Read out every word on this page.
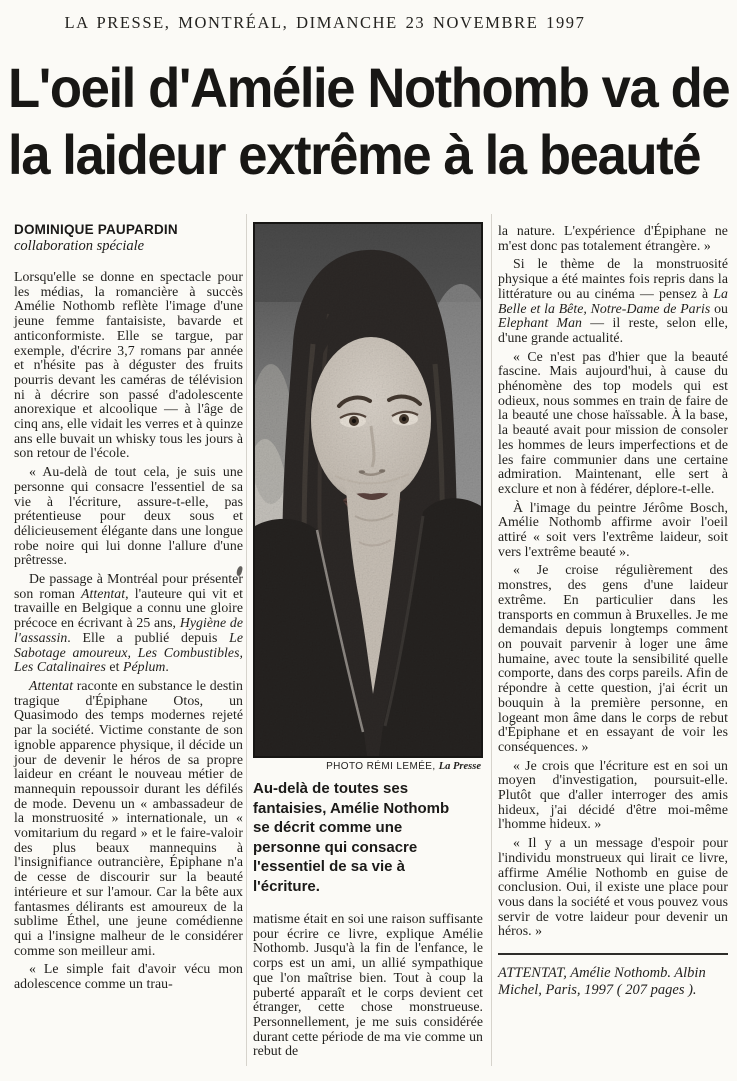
LA PRESSE, MONTRÉAL, DIMANCHE 23 NOVEMBRE 1997
L'oeil d'Amélie Nothomb va de
la laideur extrême à la beauté
DOMINIQUE PAUPARDIN
collaboration spéciale

Lorsqu'elle se donne en spectacle pour les médias, la romancière à succès Amélie Nothomb reflète l'image d'une jeune femme fantaisiste, bavarde et anticonformiste. Elle se targue, par exemple, d'écrire 3,7 romans par année et n'hésite pas à déguster des fruits pourris devant les caméras de télévision ni à décrire son passé d'adolescente anorexique et alcoolique — à l'âge de cinq ans, elle vidait les verres et à quinze ans elle buvait un whisky tous les jours à son retour de l'école.

« Au-delà de tout cela, je suis une personne qui consacre l'essentiel de sa vie à l'écriture, assure-t-elle, pas prétentieuse pour deux sous et délicieusement élégante dans une longue robe noire qui lui donne l'allure d'une prêtresse.

De passage à Montréal pour présenter son roman Attentat, l'auteure qui vit et travaille en Belgique a connu une gloire précoce en écrivant à 25 ans, Hygiène de l'assassin. Elle a publié depuis Le Sabotage amoureux, Les Combustibles, Les Catalinaires et Péplum.

Attentat raconte en substance le destin tragique d'Épiphane Otos, un Quasimodo des temps modernes rejeté par la société. Victime constante de son ignoble apparence physique, il décide un jour de devenir le héros de sa propre laideur en créant le nouveau métier de mannequin repoussoir durant les défilés de mode. Devenu un « ambassadeur de la monstruosité » internationale, un « vomitarium du regard » et le faire-valoir des plus beaux mannequins à l'insignifiance outrancière, Épiphane n'a de cesse de discourir sur la beauté intérieure et sur l'amour. Car la bête aux fantasmes délirants est amoureux de la sublime Éthel, une jeune comédienne qui a l'insigne malheur de le considérer comme son meilleur ami.

« Le simple fait d'avoir vécu mon adolescence comme un trau-

PHOTO RÉMI LEMÉE, La Presse
Au-delà de toutes ses fantaisies, Amélie Nothomb se décrit comme une personne qui consacre l'essentiel de sa vie à l'écriture.

matisme était en soi une raison suffisante pour écrire ce livre, explique Amélie Nothomb. Jusqu'à la fin de l'enfance, le corps est un ami, un allié sympathique que l'on maîtrise bien. Tout à coup la puberté apparaît et le corps devient cet étranger, cette chose monstrueuse. Personnellement, je me suis considérée durant cette période de ma vie comme un rebut de

la nature. L'expérience d'Épiphane ne m'est donc pas totalement étrangère. »

Si le thème de la monstruosité physique a été maintes fois repris dans la littérature ou au cinéma — pensez à La Belle et la Bête, Notre-Dame de Paris ou Elephant Man — il reste, selon elle, d'une grande actualité.

« Ce n'est pas d'hier que la beauté fascine. Mais aujourd'hui, à cause du phénomène des top models qui est odieux, nous sommes en train de faire de la beauté une chose haïssable. À la base, la beauté avait pour mission de consoler les hommes de leurs imperfections et de les faire communier dans une certaine admiration. Maintenant, elle sert à exclure et non à fédérer, déplore-t-elle.

À l'image du peintre Jérôme Bosch, Amélie Nothomb affirme avoir l'oeil attiré « soit vers l'extrême laideur, soit vers l'extrême beauté ».

« Je croise régulièrement des monstres, des gens d'une laideur extrême. En particulier dans les transports en commun à Bruxelles. Je me demandais depuis longtemps comment on pouvait parvenir à loger une âme humaine, avec toute la sensibilité quelle comporte, dans des corps pareils. Afin de répondre à cette question, j'ai écrit un bouquin à la première personne, en logeant mon âme dans le corps de rebut d'Épiphane et en essayant de voir les conséquences. »

« Je crois que l'écriture est en soi un moyen d'investigation, poursuit-elle. Plutôt que d'aller interroger des amis hideux, j'ai décidé d'être moi-même l'homme hideux. »

« Il y a un message d'espoir pour l'individu monstrueux qui lirait ce livre, affirme Amélie Nothomb en guise de conclusion. Oui, il existe une place pour vous dans la société et vous pouvez vous servir de votre laideur pour devenir un héros. »

ATTENTAT, Amélie Nothomb. Albin Michel, Paris, 1997 ( 207 pages ).
